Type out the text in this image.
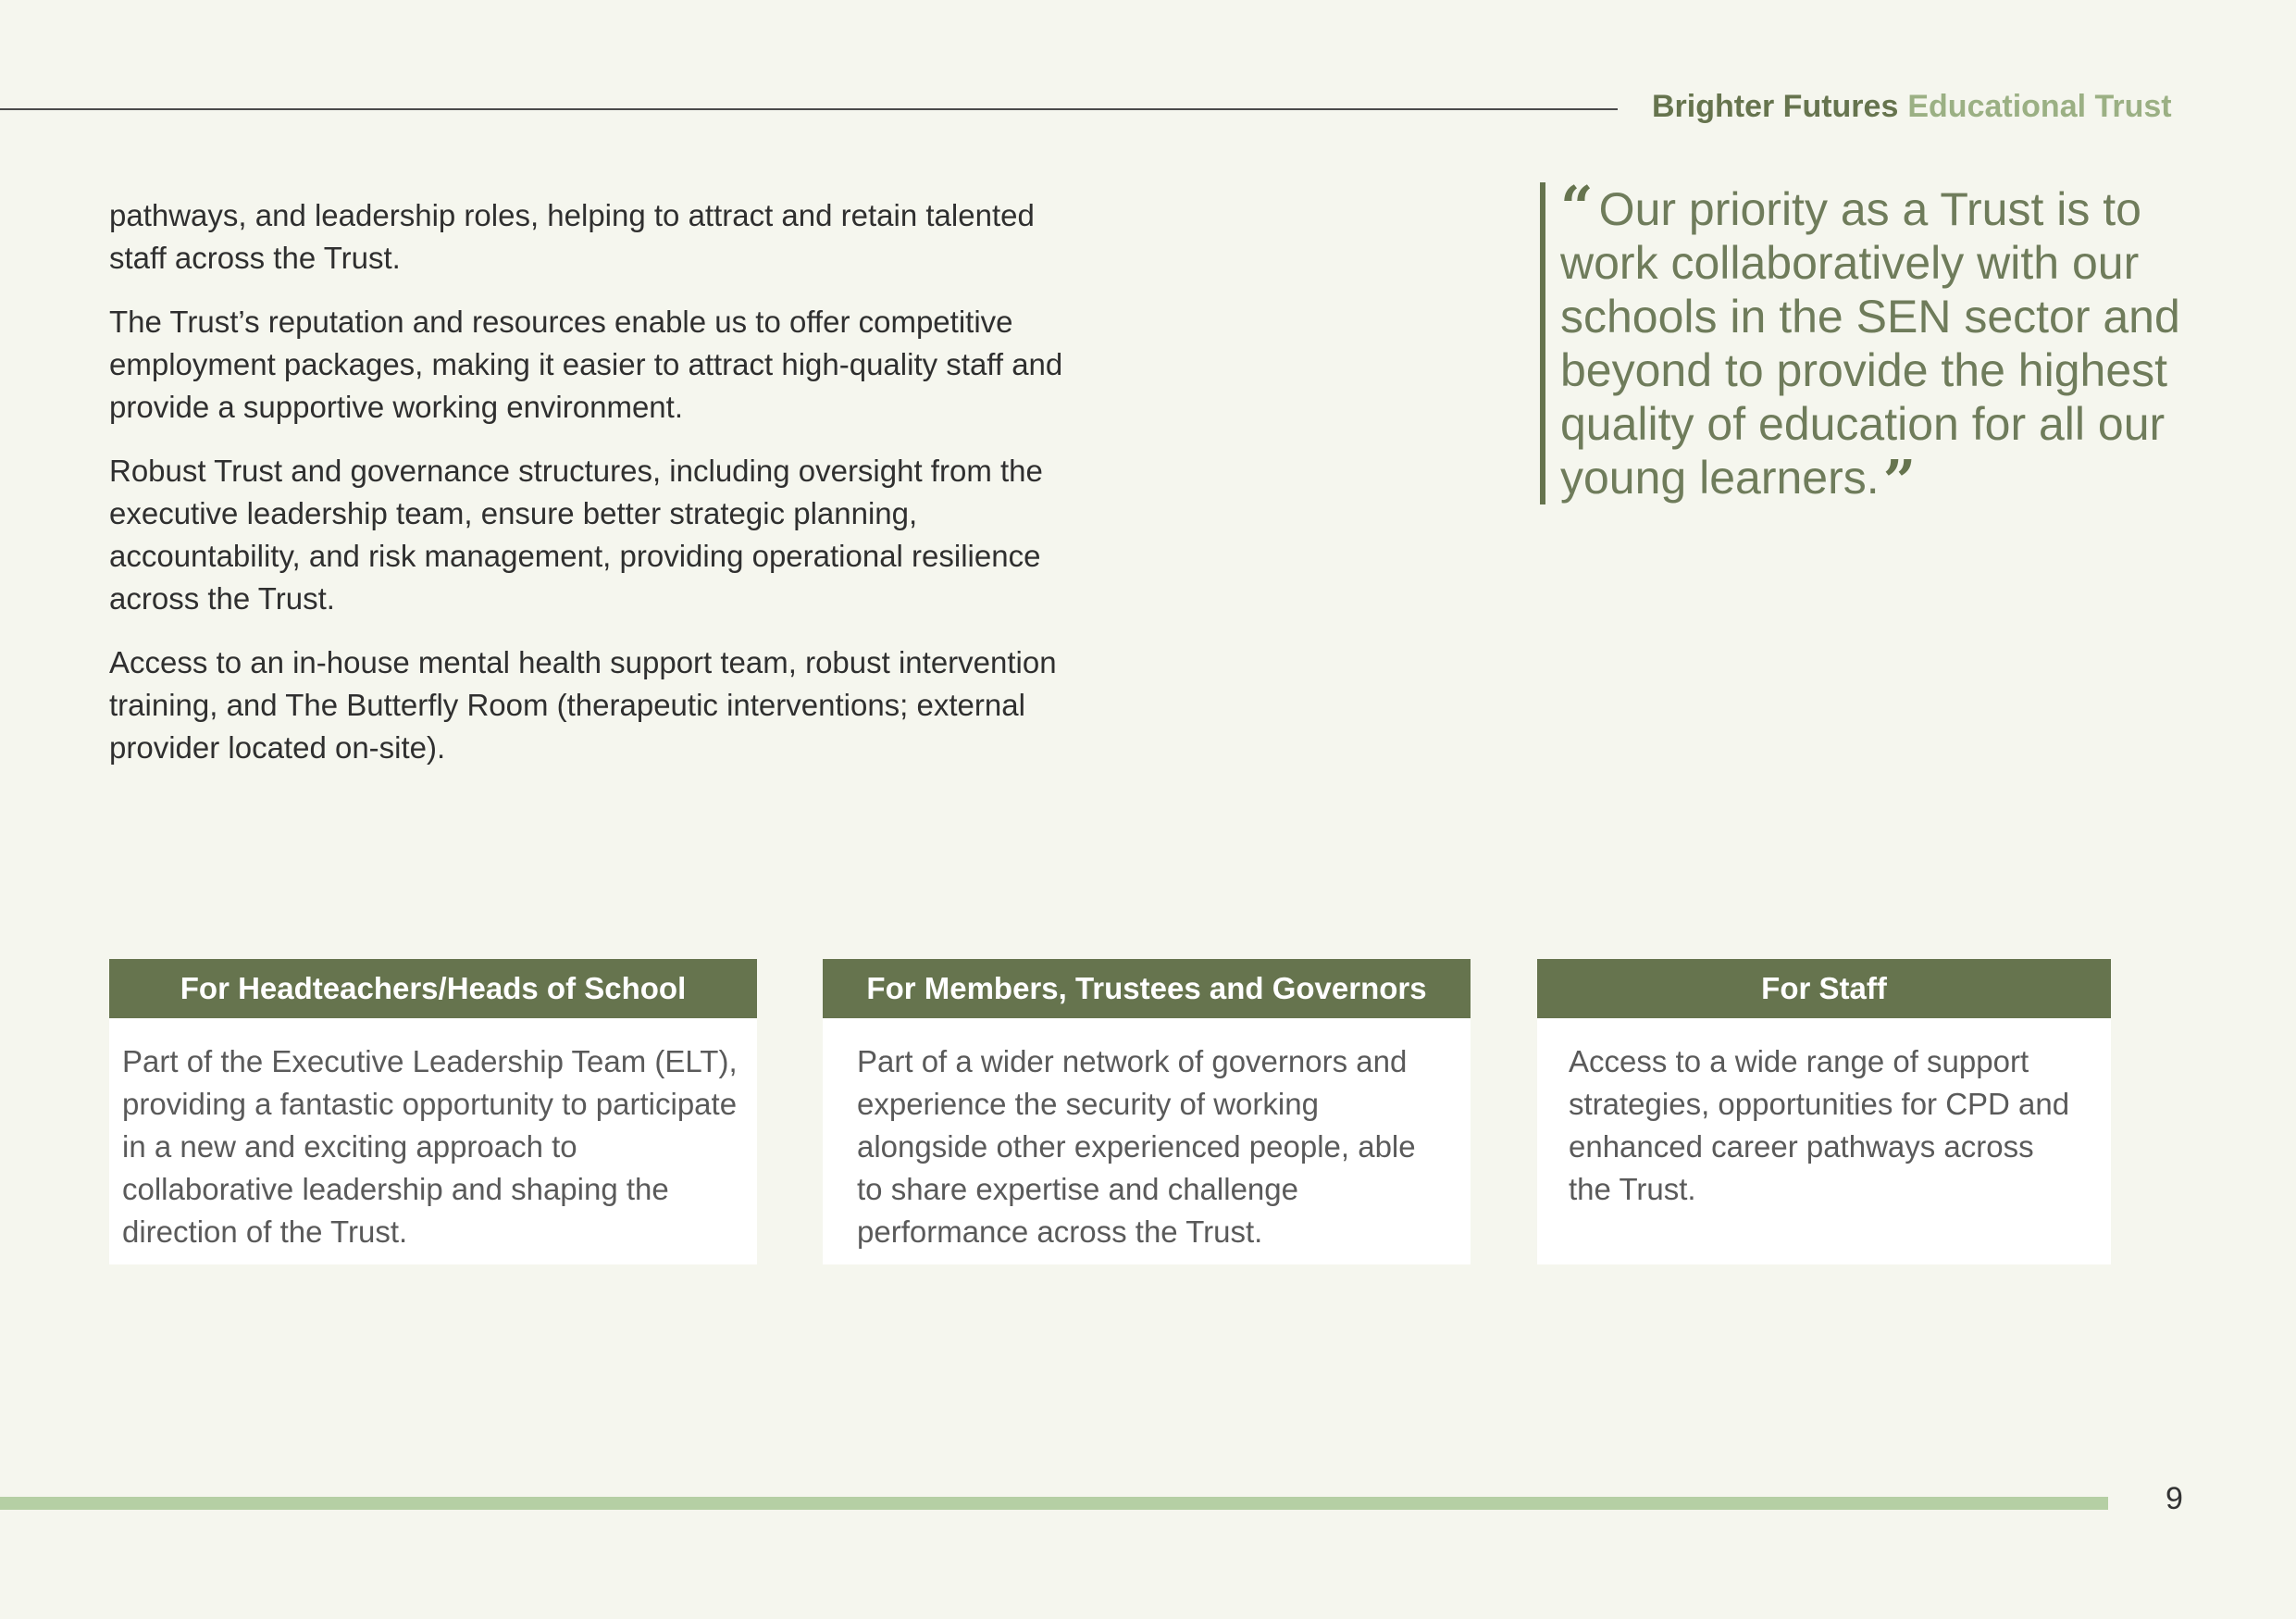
Brighter Futures Educational Trust

pathways, and leadership roles, helping to attract and retain talented staff across the Trust.

The Trust’s reputation and resources enable us to offer competitive employment packages, making it easier to attract high-quality staff and provide a supportive working environment.

Robust Trust and governance structures, including oversight from the executive leadership team, ensure better strategic planning, accountability, and risk management, providing operational resilience across the Trust.

Access to an in-house mental health support team, robust intervention training, and The Butterfly Room (therapeutic interventions; external provider located on-site).

“ Our priority as a Trust is to work collaboratively with our schools in the SEN sector and beyond to provide the highest quality of education for all our young learners.”
For Headteachers/Heads of School
Part of the Executive Leadership Team (ELT), providing a fantastic opportunity to participate in a new and exciting approach to collaborative leadership and shaping the direction of the Trust.
For Members, Trustees and Governors
Part of a wider network of governors and experience the security of working alongside other experienced people, able to share expertise and challenge performance across the Trust.
For Staff
Access to a wide range of support strategies, opportunities for CPD and enhanced career pathways across the Trust.
9
